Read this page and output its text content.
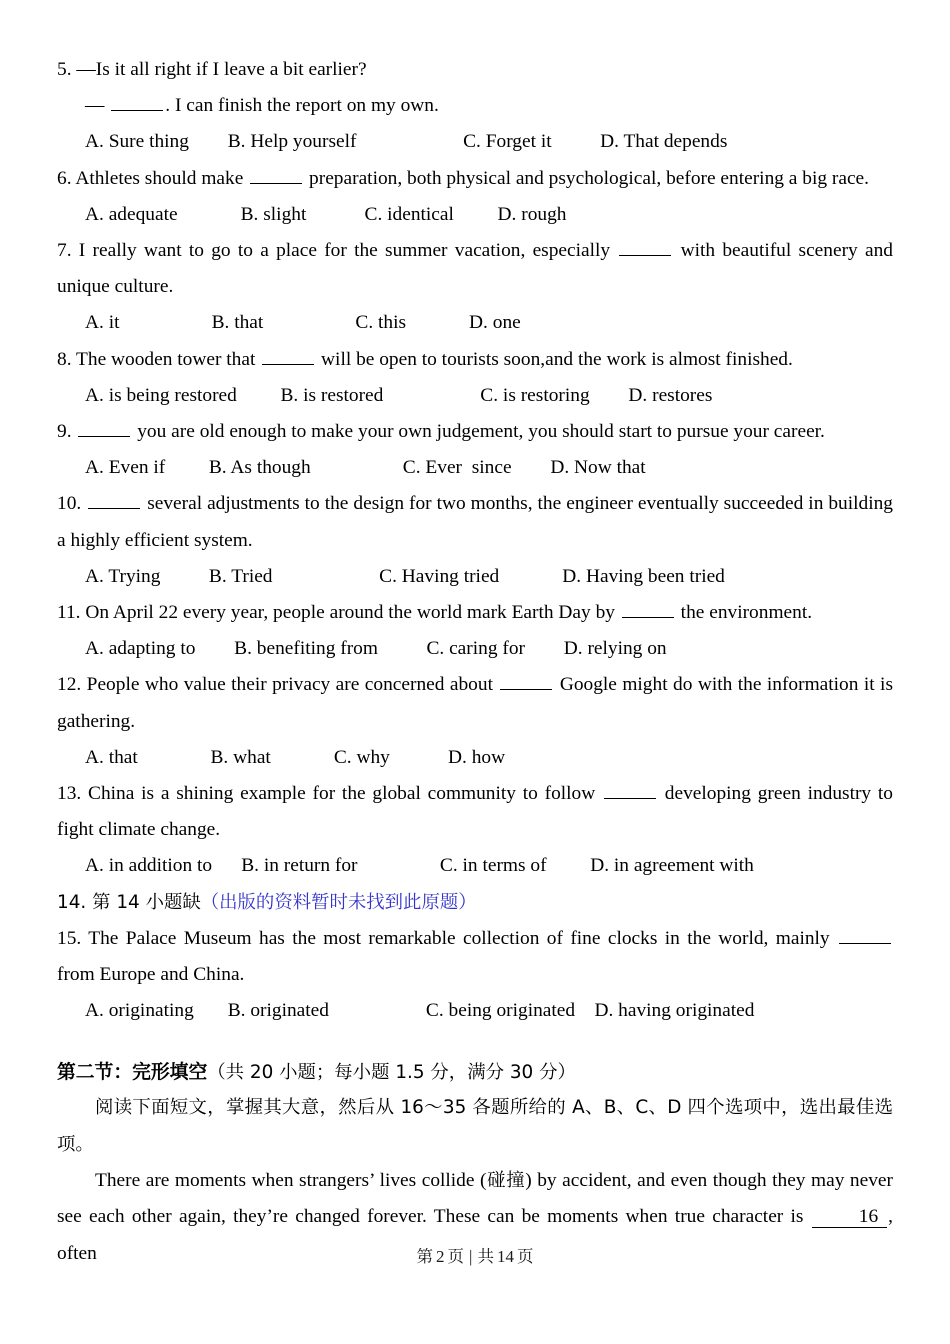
5. —Is it all right if I leave a bit earlier?

—	. I can finish the report on my own.

A. Sure thing        B. Help yourself                      C. Forget it          D. That depends

6. Athletes should make	preparation, both physical and psychological, before entering a big race.

A. adequate             B. slight            C. identical         D. rough

7. I really want to go to a place for the summer vacation, especially	with beautiful scenery and unique culture.

A. it                   B. that                   C. this             D. one

8. The wooden tower that	will be open to tourists soon,and the work is almost finished.

A. is being restored         B. is restored                    C. is restoring        D. restores

9.	you are old enough to make your own judgement, you should start to pursue your career.

A. Even if         B. As though                   C. Ever  since        D. Now that

10.	several adjustments to the design for two months, the engineer eventually succeeded in building a highly efficient system.

A. Trying          B. Tried                      C. Having tried             D. Having been tried

11. On April 22 every year, people around the world mark Earth Day by	the environment.

A. adapting to        B. benefiting from          C. caring for        D. relying on

12. People who value their privacy are concerned about	Google might do with the information it is gathering.

A. that               B. what             C. why            D. how

13. China is a shining example for the global community to follow	developing green industry to fight climate change.

A. in addition to      B. in return for                 C. in terms of         D. in agreement with

14. 第 14 小题缺（出版的资料暂时未找到此原题）

15. The Palace Museum has the most remarkable collection of fine clocks in the world, mainly	from Europe and China.

A. originating       B. originated                    C. being originated    D. having originated

第二节：完形填空（共 20 小题；每小题 1.5 分，满分 30 分）

阅读下面短文，掌握其大意，然后从 16～35 各题所给的 A、B、C、D 四个选项中，选出最佳选项。

There are moments when strangers’ lives collide (碰撞) by accident, and even though they may never see each other again, they’re changed forever. These can be moments when true character is 16 , often	第 2 页 | 共 14 页
